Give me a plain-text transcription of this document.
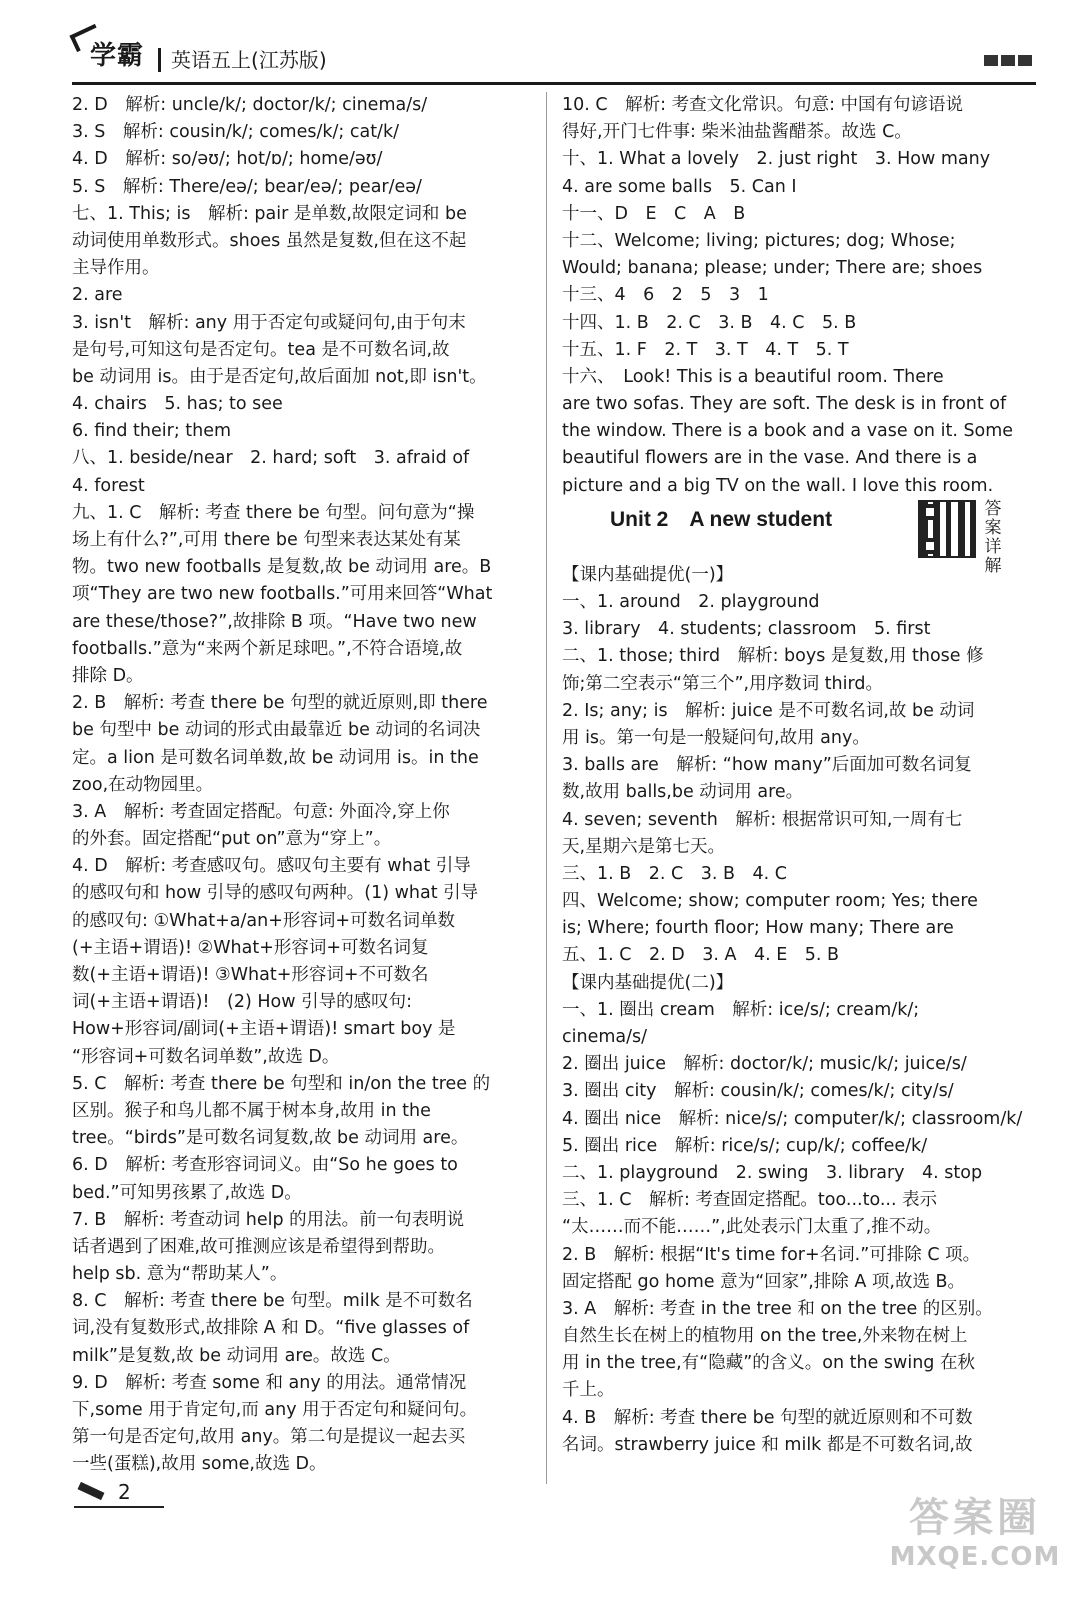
学霸	英语五上(江苏版)
2. D　解析: uncle/k/; doctor/k/; cinema/s/
3. S　解析: cousin/k/; comes/k/; cat/k/
4. D　解析: so/əʊ/; hot/ɒ/; home/əʊ/
5. S　解析: There/eə/; bear/eə/; pear/eə/
七、1. This; is　解析: pair 是单数,故限定词和 be
动词使用单数形式。shoes 虽然是复数,但在这不起
主导作用。
2. are
3. isn't　解析: any 用于否定句或疑问句,由于句末
是句号,可知这句是否定句。tea 是不可数名词,故
be 动词用 is。由于是否定句,故后面加 not,即 isn't。
4. chairs　5. has; to see
6. find their; them
八、1. beside/near　2. hard; soft　3. afraid of
4. forest
九、1. C　解析: 考查 there be 句型。问句意为“操
场上有什么?”,可用 there be 句型来表达某处有某
物。two new footballs 是复数,故 be 动词用 are。B
项“They are two new footballs.”可用来回答“What
are these/those?”,故排除 B 项。“Have two new
footballs.”意为“来两个新足球吧。”,不符合语境,故
排除 D。
2. B　解析: 考查 there be 句型的就近原则,即 there
be 句型中 be 动词的形式由最靠近 be 动词的名词决
定。a lion 是可数名词单数,故 be 动词用 is。in the
zoo,在动物园里。
3. A　解析: 考查固定搭配。句意: 外面冷,穿上你
的外套。固定搭配“put on”意为“穿上”。
4. D　解析: 考查感叹句。感叹句主要有 what 引导
的感叹句和 how 引导的感叹句两种。(1) what 引导
的感叹句: ①What+a/an+形容词+可数名词单数
(+主语+谓语)! ②What+形容词+可数名词复
数(+主语+谓语)! ③What+形容词+不可数名
词(+主语+谓语)!　(2) How 引导的感叹句:
How+形容词/副词(+主语+谓语)! smart boy 是
“形容词+可数名词单数”,故选 D。
5. C　解析: 考查 there be 句型和 in/on the tree 的
区别。猴子和鸟儿都不属于树本身,故用 in the
tree。“birds”是可数名词复数,故 be 动词用 are。
6. D　解析: 考查形容词词义。由“So he goes to
bed.”可知男孩累了,故选 D。
7. B　解析: 考查动词 help 的用法。前一句表明说
话者遇到了困难,故可推测应该是希望得到帮助。
help sb. 意为“帮助某人”。
8. C　解析: 考查 there be 句型。milk 是不可数名
词,没有复数形式,故排除 A 和 D。“five glasses of
milk”是复数,故 be 动词用 are。故选 C。
9. D　解析: 考查 some 和 any 的用法。通常情况
下,some 用于肯定句,而 any 用于否定句和疑问句。
第一句是否定句,故用 any。第二句是提议一起去买
一些(蛋糕),故用 some,故选 D。
10. C　解析: 考查文化常识。句意: 中国有句谚语说
得好,开门七件事: 柴米油盐酱醋茶。故选 C。
十、1. What a lovely　2. just right　3. How many
4. are some balls　5. Can I
十一、D　E　C　A　B
十二、Welcome; living; pictures; dog; Whose;
Would; banana; please; under; There are; shoes
十三、4　6　2　5　3　1
十四、1. B　2. C　3. B　4. C　5. B
十五、1. F　2. T　3. T　4. T　5. T
十六、　Look! This is a beautiful room. There
are two sofas. They are soft. The desk is in front of
the window. There is a book and a vase on it. Some
beautiful flowers are in the vase. And there is a
picture and a big TV on the wall. I love this room.
Unit 2　A new student	答案详解
【课内基础提优(一)】
一、1. around　2. playground
3. library　4. students; classroom　5. first
二、1. those; third　解析: boys 是复数,用 those 修
饰;第二空表示“第三个”,用序数词 third。
2. Is; any; is　解析: juice 是不可数名词,故 be 动词
用 is。第一句是一般疑问句,故用 any。
3. balls are　解析: “how many”后面加可数名词复
数,故用 balls,be 动词用 are。
4. seven; seventh　解析: 根据常识可知,一周有七
天,星期六是第七天。
三、1. B　2. C　3. B　4. C
四、Welcome; show; computer room; Yes; there
is; Where; fourth floor; How many; There are
五、1. C　2. D　3. A　4. E　5. B
【课内基础提优(二)】
一、1. 圈出 cream　解析: ice/s/; cream/k/;
cinema/s/
2. 圈出 juice　解析: doctor/k/; music/k/; juice/s/
3. 圈出 city　解析: cousin/k/; comes/k/; city/s/
4. 圈出 nice　解析: nice/s/; computer/k/; classroom/k/
5. 圈出 rice　解析: rice/s/; cup/k/; coffee/k/
二、1. playground　2. swing　3. library　4. stop
三、1. C　解析: 考查固定搭配。too...to... 表示
“太……而不能……”,此处表示门太重了,推不动。
2. B　解析: 根据“It's time for+名词.”可排除 C 项。
固定搭配 go home 意为“回家”,排除 A 项,故选 B。
3. A　解析: 考查 in the tree 和 on the tree 的区别。
自然生长在树上的植物用 on the tree,外来物在树上
用 in the tree,有“隐藏”的含义。on the swing 在秋
千上。
4. B　解析: 考查 there be 句型的就近原则和不可数
名词。strawberry juice 和 milk 都是不可数名词,故
2
答案圈
MXQE.COM
